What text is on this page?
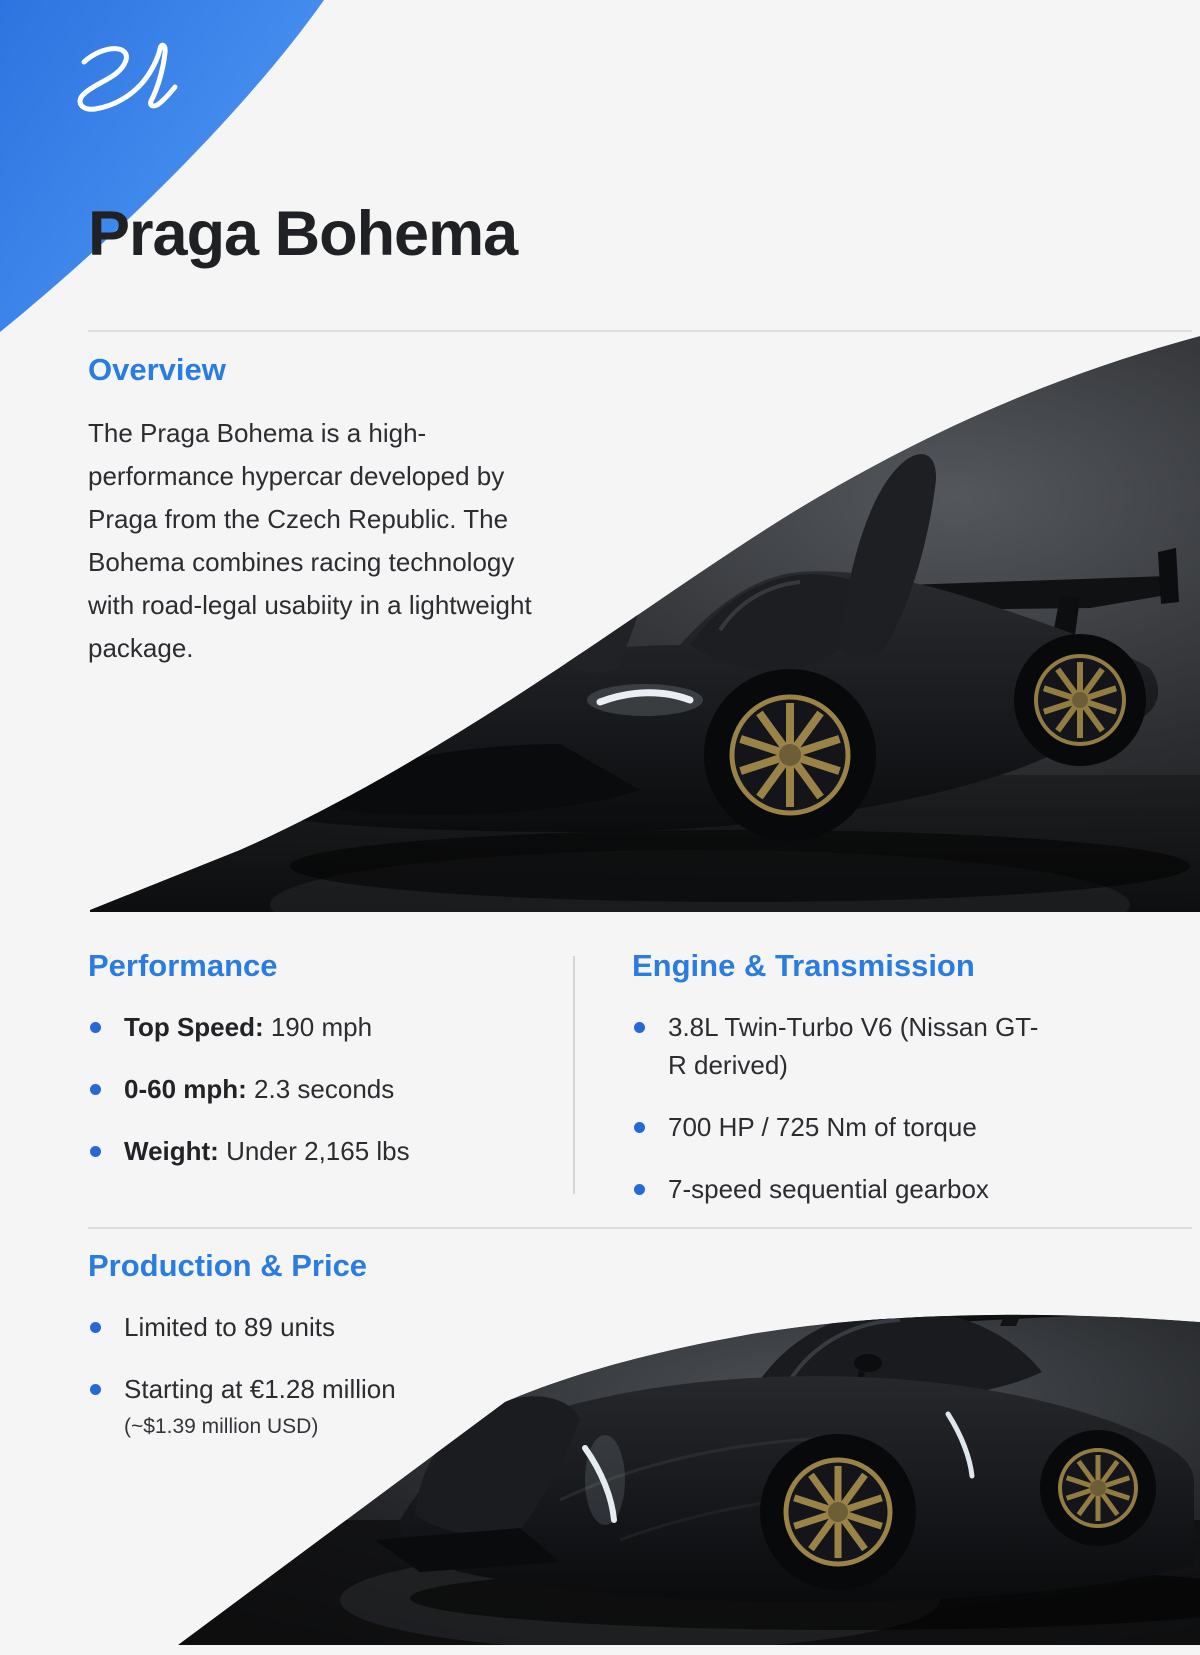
Praga Bohema
Overview

The Praga Bohema is a high-performance hypercar developed by Praga from the Czech Republic. The Bohema combines racing technology with road-legal usabiity in a lightweight package.

Performance
Top Speed: 190 mph
0-60 mph: 2.3 seconds
Weight: Under 2,165 lbs
Engine & Transmission
3.8L Twin-Turbo V6 (Nissan GT-R derived)
700 HP / 725 Nm of torque
7-speed sequential gearbox
Production & Price
Limited to 89 units
Starting at €1.28 million
(~$1.39 million USD)
